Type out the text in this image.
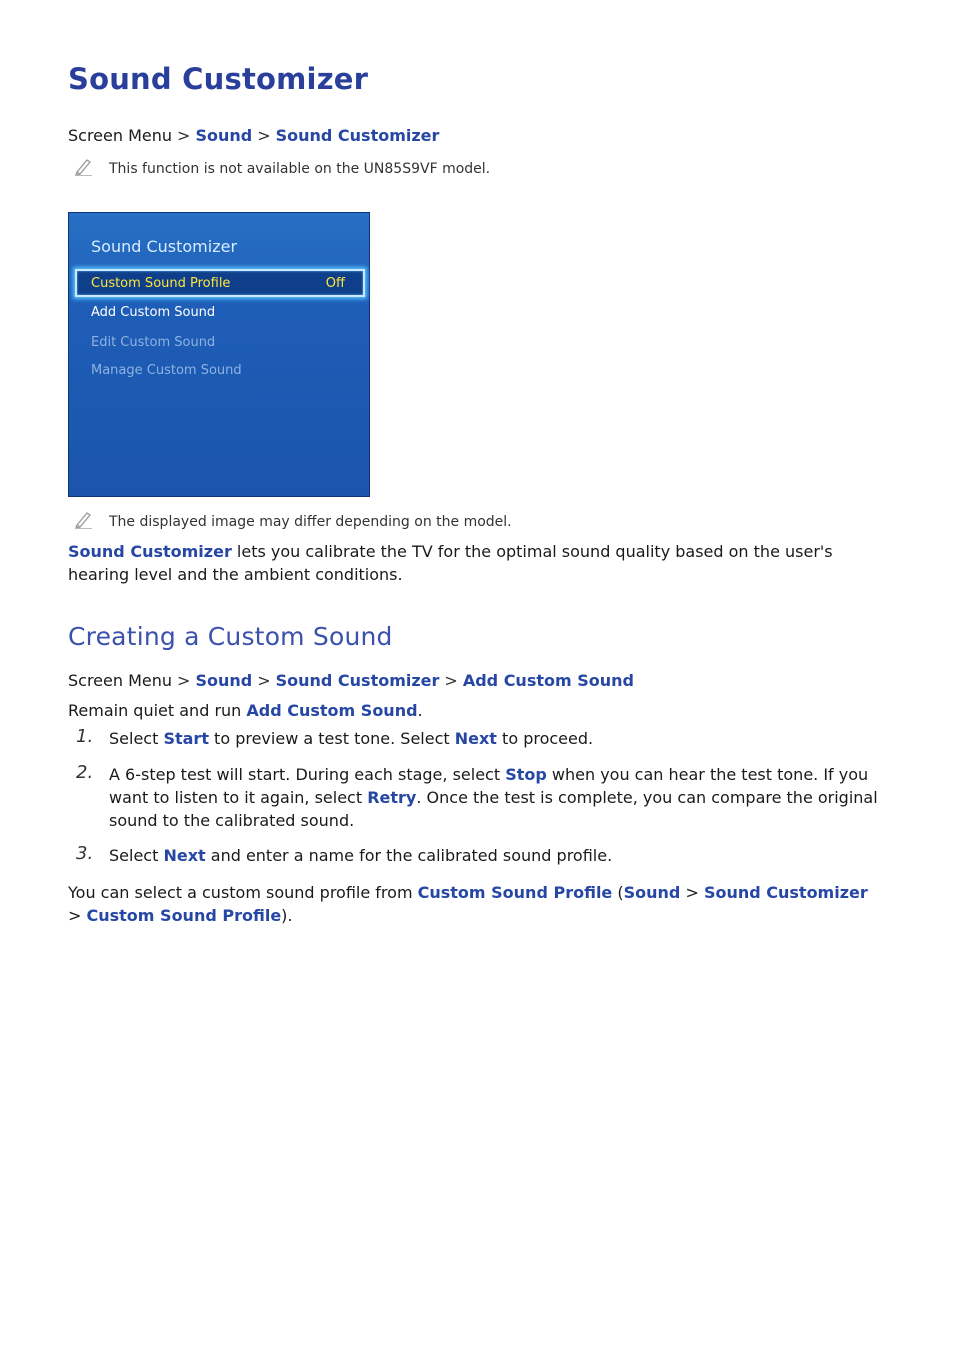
Sound Customizer
Screen Menu > Sound > Sound Customizer
This function is not available on the UN85S9VF model.
Sound Customizer
Custom Sound Profile	Off
Add Custom Sound
Edit Custom Sound
Manage Custom Sound
The displayed image may differ depending on the model.
Sound Customizer lets you calibrate the TV for the optimal sound quality based on the user's hearing level and the ambient conditions.
Creating a Custom Sound
Screen Menu > Sound > Sound Customizer > Add Custom Sound
Remain quiet and run Add Custom Sound.
1. Select Start to preview a test tone. Select Next to proceed.
2. A 6-step test will start. During each stage, select Stop when you can hear the test tone. If you want to listen to it again, select Retry. Once the test is complete, you can compare the original sound to the calibrated sound.
3. Select Next and enter a name for the calibrated sound profile.
You can select a custom sound profile from Custom Sound Profile (Sound > Sound Customizer > Custom Sound Profile).
